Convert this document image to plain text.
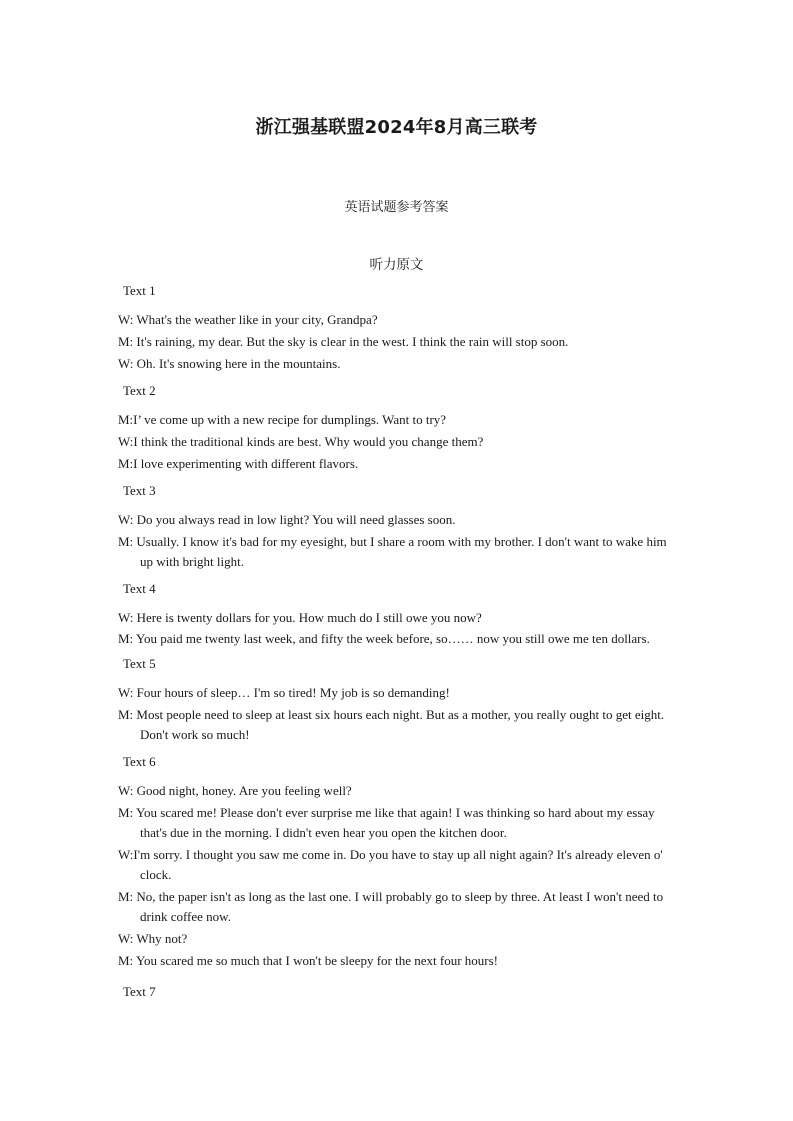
浙江强基联盟2024年8月高三联考
英语试题参考答案
听力原文
Text 1
W: What's the weather like in your city, Grandpa?
M: It's raining, my dear. But the sky is clear in the west. I think the rain will stop soon.
W: Oh. It's snowing here in the mountains.
Text 2
M:I’ ve come up with a new recipe for dumplings. Want to try?
W:I think the traditional kinds are best. Why would you change them?
M:I love experimenting with different flavors.
Text 3
W: Do you always read in low light? You will need glasses soon.
M: Usually. I know it's bad for my eyesight, but I share a room with my brother. I don't want to wake him up with bright light.
Text 4
W: Here is twenty dollars for you. How much do I still owe you now?
M: You paid me twenty last week, and fifty the week before, so…… now you still owe me ten dollars.
Text 5
W: Four hours of sleep… I'm so tired! My job is so demanding!
M: Most people need to sleep at least six hours each night. But as a mother, you really ought to get eight. Don't work so much!
Text 6
W: Good night, honey. Are you feeling well?
M: You scared me! Please don't ever surprise me like that again! I was thinking so hard about my essay that's due in the morning. I didn't even hear you open the kitchen door.
W:I'm sorry. I thought you saw me come in. Do you have to stay up all night again? It's already eleven o' clock.
M: No, the paper isn't as long as the last one. I will probably go to sleep by three. At least I won't need to drink coffee now.
W: Why not?
M: You scared me so much that I won't be sleepy for the next four hours!
Text 7
